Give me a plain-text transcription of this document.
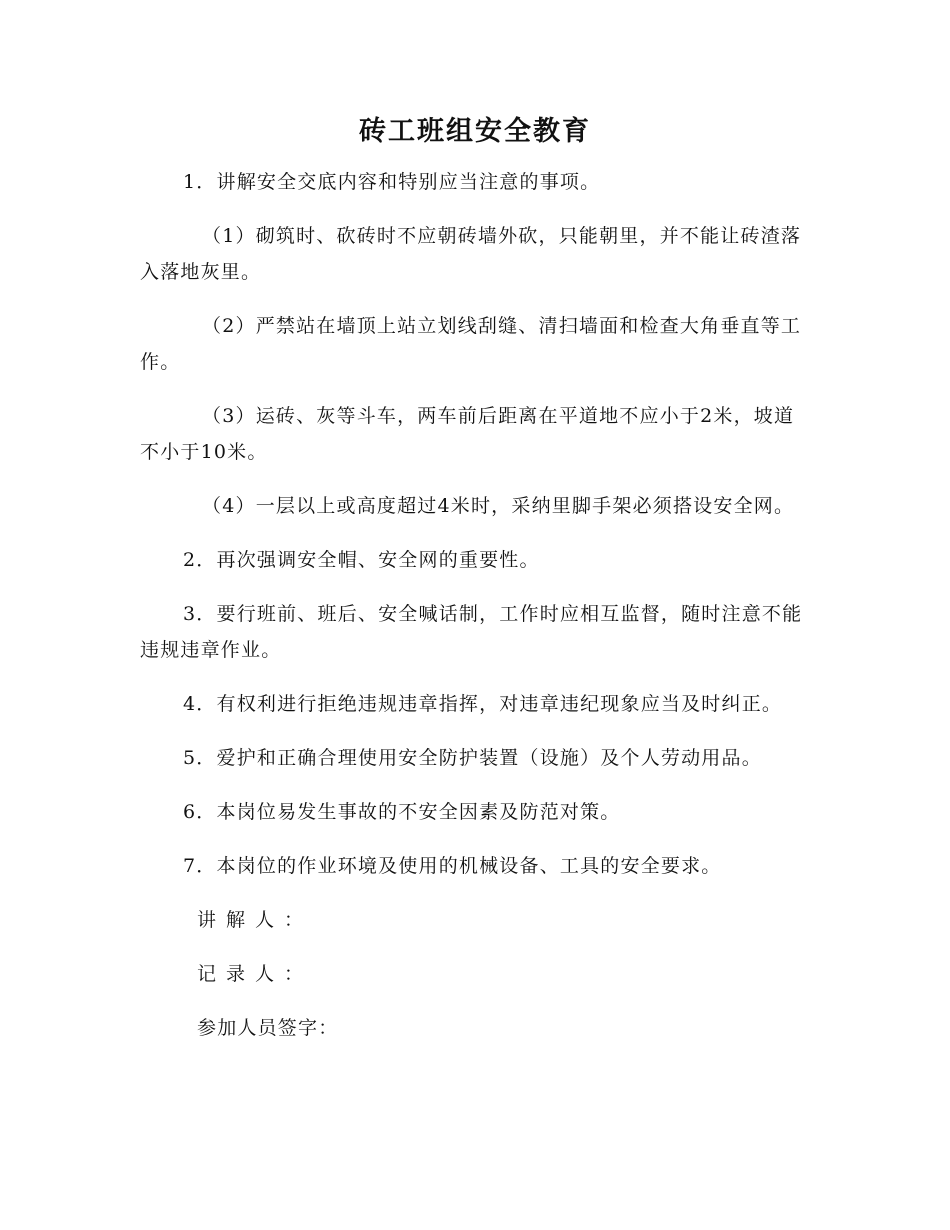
砖工班组安全教育

1．讲解安全交底内容和特别应当注意的事项。

（1）砌筑时、砍砖时不应朝砖墙外砍，只能朝里，并不能让砖渣落入落地灰里。

（2）严禁站在墙顶上站立划线刮缝、清扫墙面和检查大角垂直等工作。

（3）运砖、灰等斗车，两车前后距离在平道地不应小于2米，坡道不小于10米。

（4）一层以上或高度超过4米时，采纳里脚手架必须搭设安全网。

2．再次强调安全帽、安全网的重要性。

3．要行班前、班后、安全喊话制，工作时应相互监督，随时注意不能违规违章作业。

4．有权利进行拒绝违规违章指挥，对违章违纪现象应当及时纠正。

5．爱护和正确合理使用安全防护装置（设施）及个人劳动用品。

6．本岗位易发生事故的不安全因素及防范对策。

7．本岗位的作业环境及使用的机械设备、工具的安全要求。

讲解人：

记录人：

参加人员签字：
